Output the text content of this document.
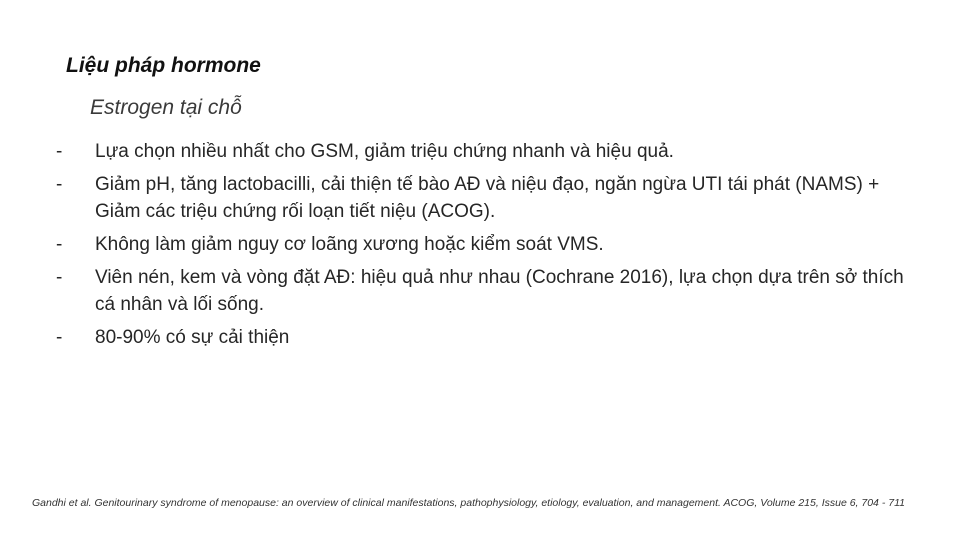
Liệu pháp hormone
Estrogen tại chỗ
-	Lựa chọn nhiều nhất cho GSM, giảm triệu chứng nhanh và hiệu quả.
-	Giảm pH, tăng lactobacilli, cải thiện tế bào AĐ và niệu đạo, ngăn ngừa UTI tái phát (NAMS) + Giảm các triệu chứng rối loạn tiết niệu (ACOG).
-	Không làm giảm nguy cơ loãng xương hoặc kiểm soát VMS.
-	Viên nén, kem và vòng đặt AĐ: hiệu quả như nhau (Cochrane 2016), lựa chọn dựa trên sở thích cá nhân và lối sống.
-	80-90% có sự cải thiện
Gandhi et al. Genitourinary syndrome of menopause: an overview of clinical manifestations, pathophysiology, etiology, evaluation, and management. ACOG, Volume 215, Issue 6, 704 - 711
